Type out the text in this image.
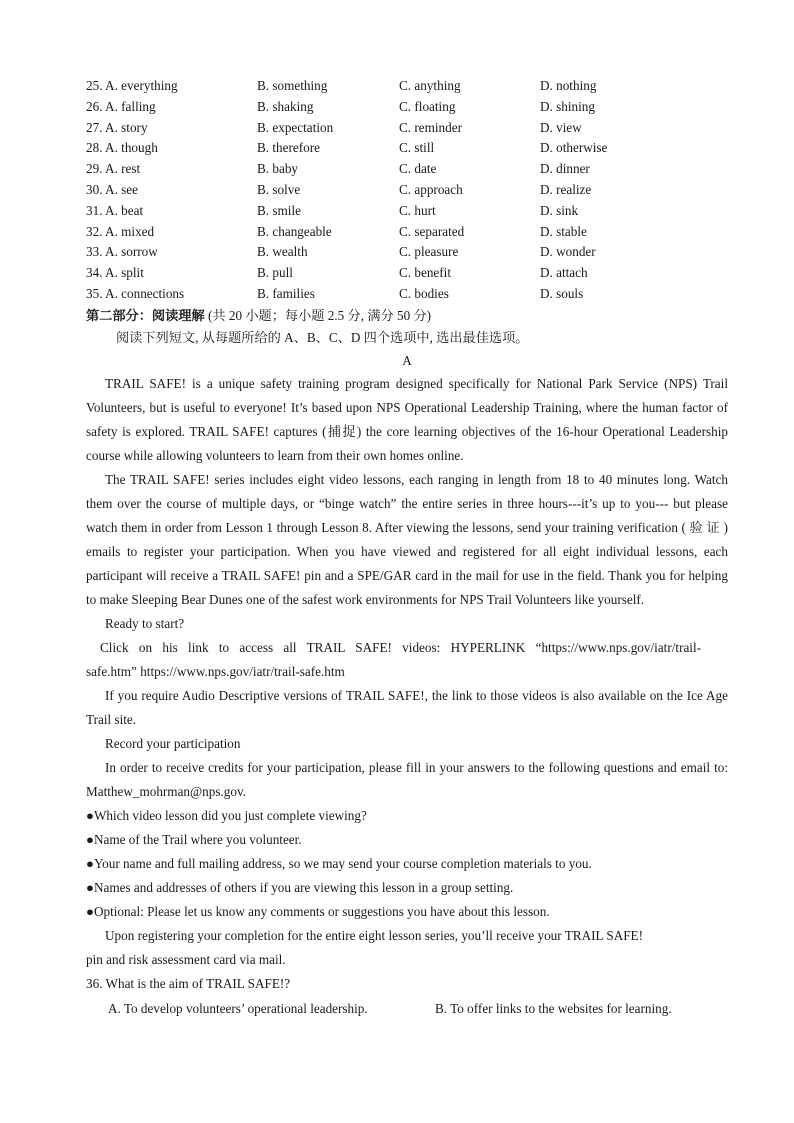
25. A. everything	B. something	C. anything	D. nothing
26. A. falling	B. shaking	C. floating	D. shining
27. A. story	B. expectation	C. reminder	D. view
28. A. though	B. therefore	C. still	D. otherwise
29. A. rest	B. baby	C. date	D. dinner
30. A. see	B. solve	C. approach	D. realize
31. A. beat	B. smile	C. hurt	D. sink
32. A. mixed	B. changeable	C. separated	D. stable
33. A. sorrow	B. wealth	C. pleasure	D. wonder
34. A. split	B. pull	C. benefit	D. attach
35. A. connections	B. families	C. bodies	D. souls
第二部分：阅读理解 (共 20 小题；每小题 2.5 分, 满分 50 分)
阅读下列短文, 从每题所给的 A、B、C、D 四个选项中, 选出最佳选项。
A

TRAIL SAFE! is a unique safety training program designed specifically for National Park Service (NPS) Trail Volunteers, but is useful to everyone! It’s based upon NPS Operational Leadership Training, where the human factor of safety is explored. TRAIL SAFE! captures (捕捉) the core learning objectives of the 16-hour Operational Leadership course while allowing volunteers to learn from their own homes online.

The TRAIL SAFE! series includes eight video lessons, each ranging in length from 18 to 40 minutes long. Watch them over the course of multiple days, or “binge watch” the entire series in three hours---it’s up to you--- but please watch them in order from Lesson 1 through Lesson 8. After viewing the lessons, send your training verification ( 验 证 ) emails to register your participation. When you have viewed and registered for all eight individual lessons, each participant will receive a TRAIL SAFE! pin and a SPE/GAR card in the mail for use in the field. Thank you for helping to make Sleeping Bear Dunes one of the safest work environments for NPS Trail Volunteers like yourself.

Ready to start?
Click on his link to access all TRAIL SAFE! videos: HYPERLINK “https://www.nps.gov/iatr/trail-
safe.htm” https://www.nps.gov/iatr/trail-safe.htm

If you require Audio Descriptive versions of TRAIL SAFE!, the link to those videos is also available on the Ice Age Trail site.

Record your participation

In order to receive credits for your participation, please fill in your answers to the following questions and email to: Matthew_mohrman@nps.gov.

●Which video lesson did you just complete viewing?
●Name of the Trail where you volunteer.
●Your name and full mailing address, so we may send your course completion materials to you.
●Names and addresses of others if you are viewing this lesson in a group setting.
●Optional: Please let us know any comments or suggestions you have about this lesson.
Upon registering your completion for the entire eight lesson series, you’ll receive your TRAIL SAFE!
pin and risk assessment card via mail.
36. What is the aim of TRAIL SAFE!?
A. To develop volunteers’ operational leadership.	B. To offer links to the websites for learning.
